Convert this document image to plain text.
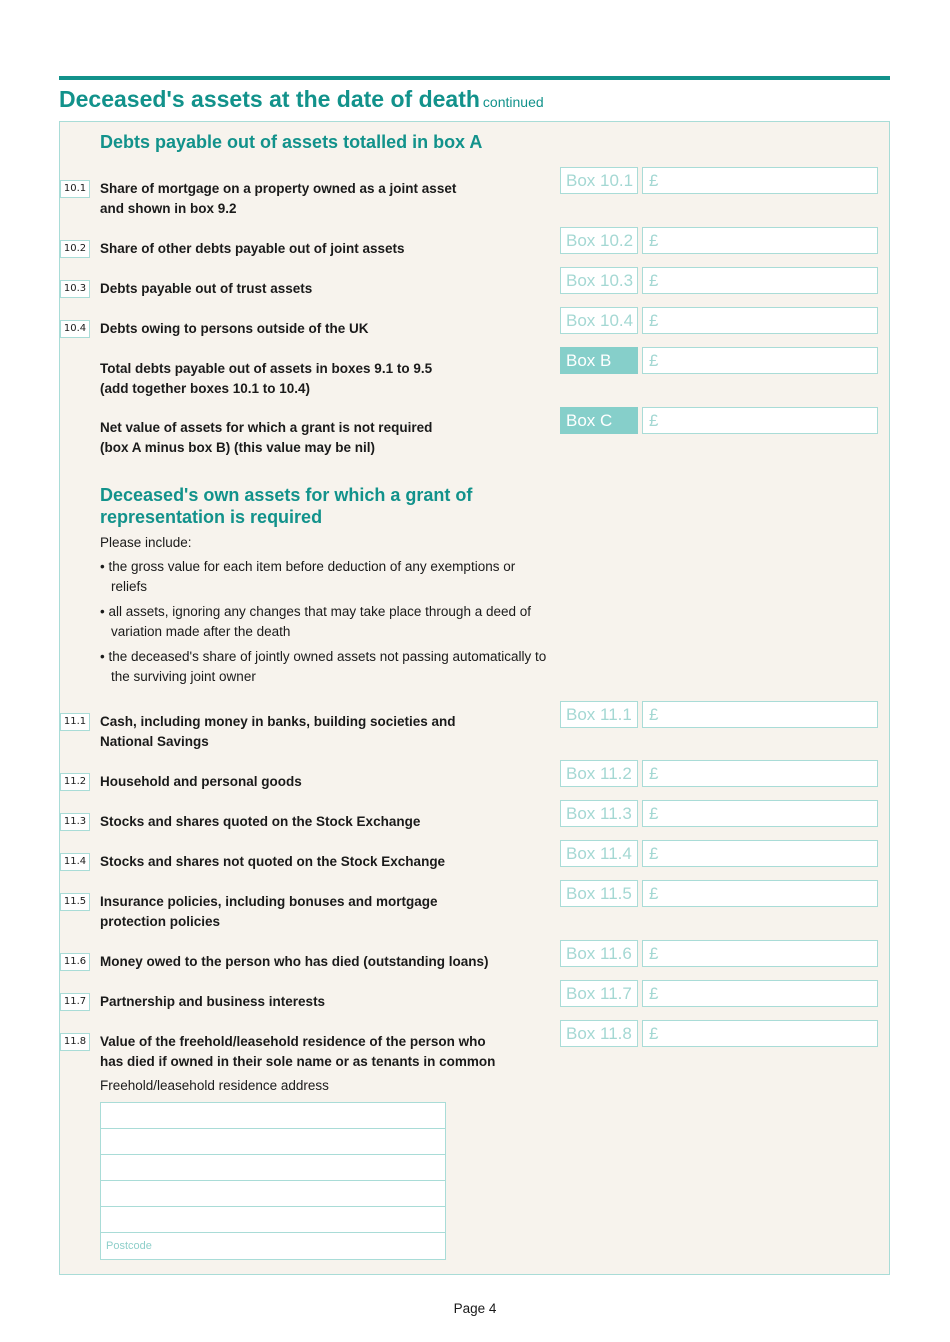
Deceased's assets at the date of death continued
Debts payable out of assets totalled in box A
10.1 Share of mortgage on a property owned as a joint asset
and shown in box 9.2
Box 10.1 £
10.2 Share of other debts payable out of joint assets	Box 10.2 £
10.3 Debts payable out of trust assets	Box 10.3 £
10.4 Debts owing to persons outside of the UK	Box 10.4 £
Total debts payable out of assets in boxes 9.1 to 9.5
(add together boxes 10.1 to 10.4)
Box B	£
Net value of assets for which a grant is not required
(box A minus box B) (this value may be nil)
Box C	£
Deceased's own assets for which a grant of
representation is required
Please include:
• the gross value for each item before deduction of any exemptions or reliefs
• all assets, ignoring any changes that may take place through a deed of variation made after the death
• the deceased's share of jointly owned assets not passing automatically to the surviving joint owner
11.1 Cash, including money in banks, building societies and
National Savings
Box 11.1	£
11.2 Household and personal goods	Box 11.2	£
11.3 Stocks and shares quoted on the Stock Exchange	Box 11.3	£
11.4 Stocks and shares not quoted on the Stock Exchange	Box 11.4	£
11.5 Insurance policies, including bonuses and mortgage
protection policies
Box 11.5	£
11.6 Money owed to the person who has died (outstanding loans)	Box 11.6	£
11.7 Partnership and business interests	Box 11.7	£
11.8 Value of the freehold/leasehold residence of the person who
has died if owned in their sole name or as tenants in common
Box 11.8	£
Freehold/leasehold residence address
Postcode
Page 4
